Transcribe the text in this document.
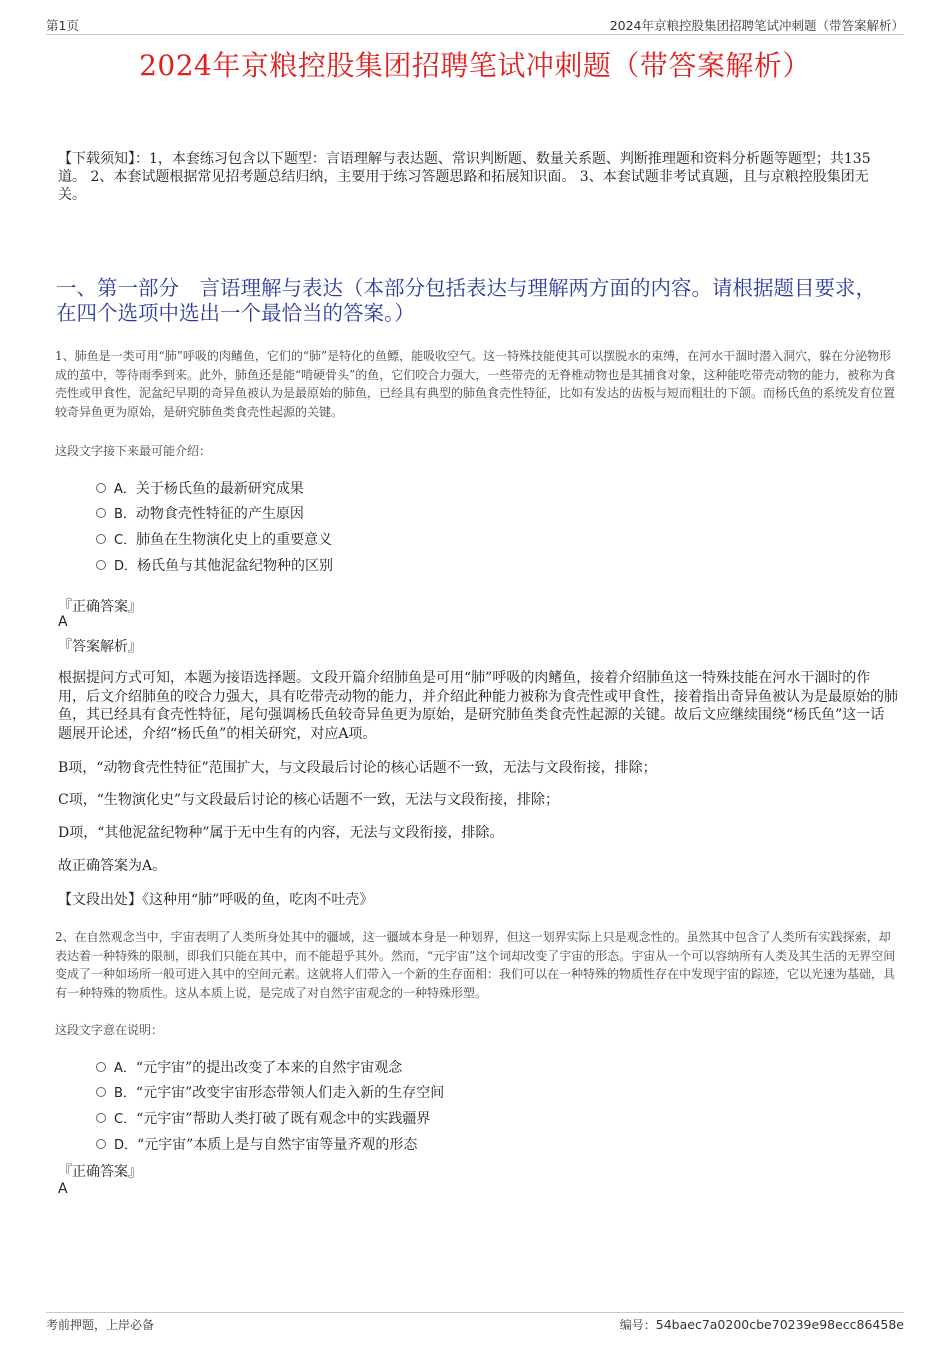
第1页	2024年京粮控股集团招聘笔试冲刺题（带答案解析）
2024年京粮控股集团招聘笔试冲刺题（带答案解析）
【下载须知】：1，本套练习包含以下题型：言语理解与表达题、常识判断题、数量关系题、判断推理题和资料分析题等题型；共135道。 2、本套试题根据常见招考题总结归纳，主要用于练习答题思路和拓展知识面。 3、本套试题非考试真题，且与京粮控股集团无关。
一、第一部分　言语理解与表达（本部分包括表达与理解两方面的内容。请根据题目要求，在四个选项中选出一个最恰当的答案。）
1、肺鱼是一类可用“肺”呼吸的肉鳍鱼，它们的“肺”是特化的鱼鳔，能吸收空气。这一特殊技能使其可以摆脱水的束缚，在河水干涸时潜入洞穴，躲在分泌物形成的茧中，等待雨季到来。此外，肺鱼还是能“啃硬骨头”的鱼，它们咬合力强大，一些带壳的无脊椎动物也是其捕食对象，这种能吃带壳动物的能力，被称为食壳性或甲食性，泥盆纪早期的奇异鱼被认为是最原始的肺鱼，已经具有典型的肺鱼食壳性特征，比如有发达的齿板与短而粗壮的下颌。而杨氏鱼的系统发育位置较奇异鱼更为原始，是研究肺鱼类食壳性起源的关键。
这段文字接下来最可能介绍：
A．关于杨氏鱼的最新研究成果
B．动物食壳性特征的产生原因
C．肺鱼在生物演化史上的重要意义
D．杨氏鱼与其他泥盆纪物种的区别
『正确答案』
A
『答案解析』
根据提问方式可知，本题为接语选择题。文段开篇介绍肺鱼是可用“肺”呼吸的肉鳍鱼，接着介绍肺鱼这一特殊技能在河水干涸时的作用，后文介绍肺鱼的咬合力强大，具有吃带壳动物的能力，并介绍此种能力被称为食壳性或甲食性，接着指出奇异鱼被认为是最原始的肺鱼，其已经具有食壳性特征，尾句强调杨氏鱼较奇异鱼更为原始，是研究肺鱼类食壳性起源的关键。故后文应继续围绕“杨氏鱼”这一话题展开论述，介绍“杨氏鱼”的相关研究，对应A项。
B项，“动物食壳性特征”范围扩大，与文段最后讨论的核心话题不一致，无法与文段衔接，排除；
C项，“生物演化史”与文段最后讨论的核心话题不一致，无法与文段衔接，排除；
D项，“其他泥盆纪物种”属于无中生有的内容，无法与文段衔接，排除。
故正确答案为A。
【文段出处】《这种用“肺”呼吸的鱼，吃肉不吐壳》
2、在自然观念当中，宇宙表明了人类所身处其中的疆域，这一疆域本身是一种划界，但这一划界实际上只是观念性的。虽然其中包含了人类所有实践探索，却表达着一种特殊的限制，即我们只能在其中，而不能超乎其外。然而，“元宇宙”这个词却改变了宇宙的形态。宇宙从一个可以容纳所有人类及其生活的无界空间变成了一种如场所一般可进入其中的空间元素。这就将人们带入一个新的生存面相：我们可以在一种特殊的物质性存在中发现宇宙的踪迹，它以光速为基础，具有一种特殊的物质性。这从本质上说，是完成了对自然宇宙观念的一种特殊形塑。
这段文字意在说明：
A．“元宇宙”的提出改变了本来的自然宇宙观念
B．“元宇宙”改变宇宙形态带领人们走入新的生存空间
C．“元宇宙”帮助人类打破了既有观念中的实践疆界
D．“元宇宙”本质上是与自然宇宙等量齐观的形态
『正确答案』
A
考前押题，上岸必备	编号：54baec7a0200cbe70239e98ecc86458e
